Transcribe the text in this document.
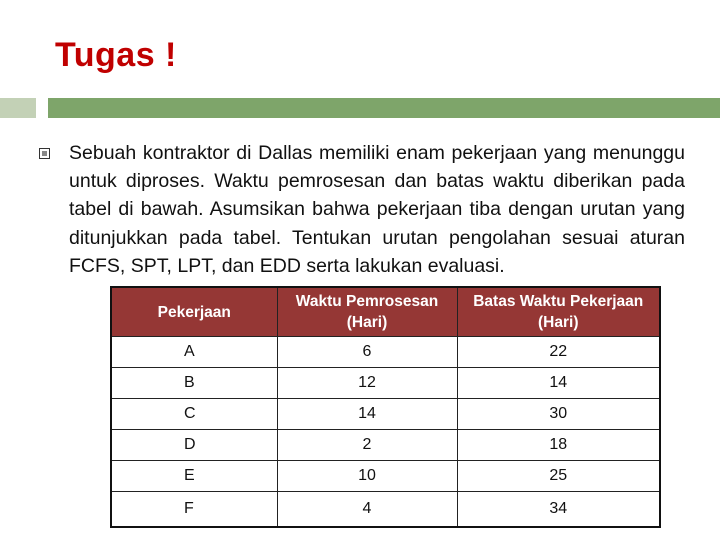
Tugas !

Sebuah kontraktor di Dallas memiliki enam pekerjaan yang menunggu untuk diproses. Waktu pemrosesan dan batas waktu diberikan pada tabel di bawah. Asumsikan bahwa pekerjaan tiba dengan urutan yang ditunjukkan pada tabel. Tentukan urutan pengolahan sesuai aturan FCFS, SPT, LPT, dan EDD serta lakukan evaluasi.

Pekerjaan	Waktu Pemrosesan (Hari)	Batas Waktu Pekerjaan (Hari)
A	6	22
B	12	14
C	14	30
D	2	18
E	10	25
F	4	34
